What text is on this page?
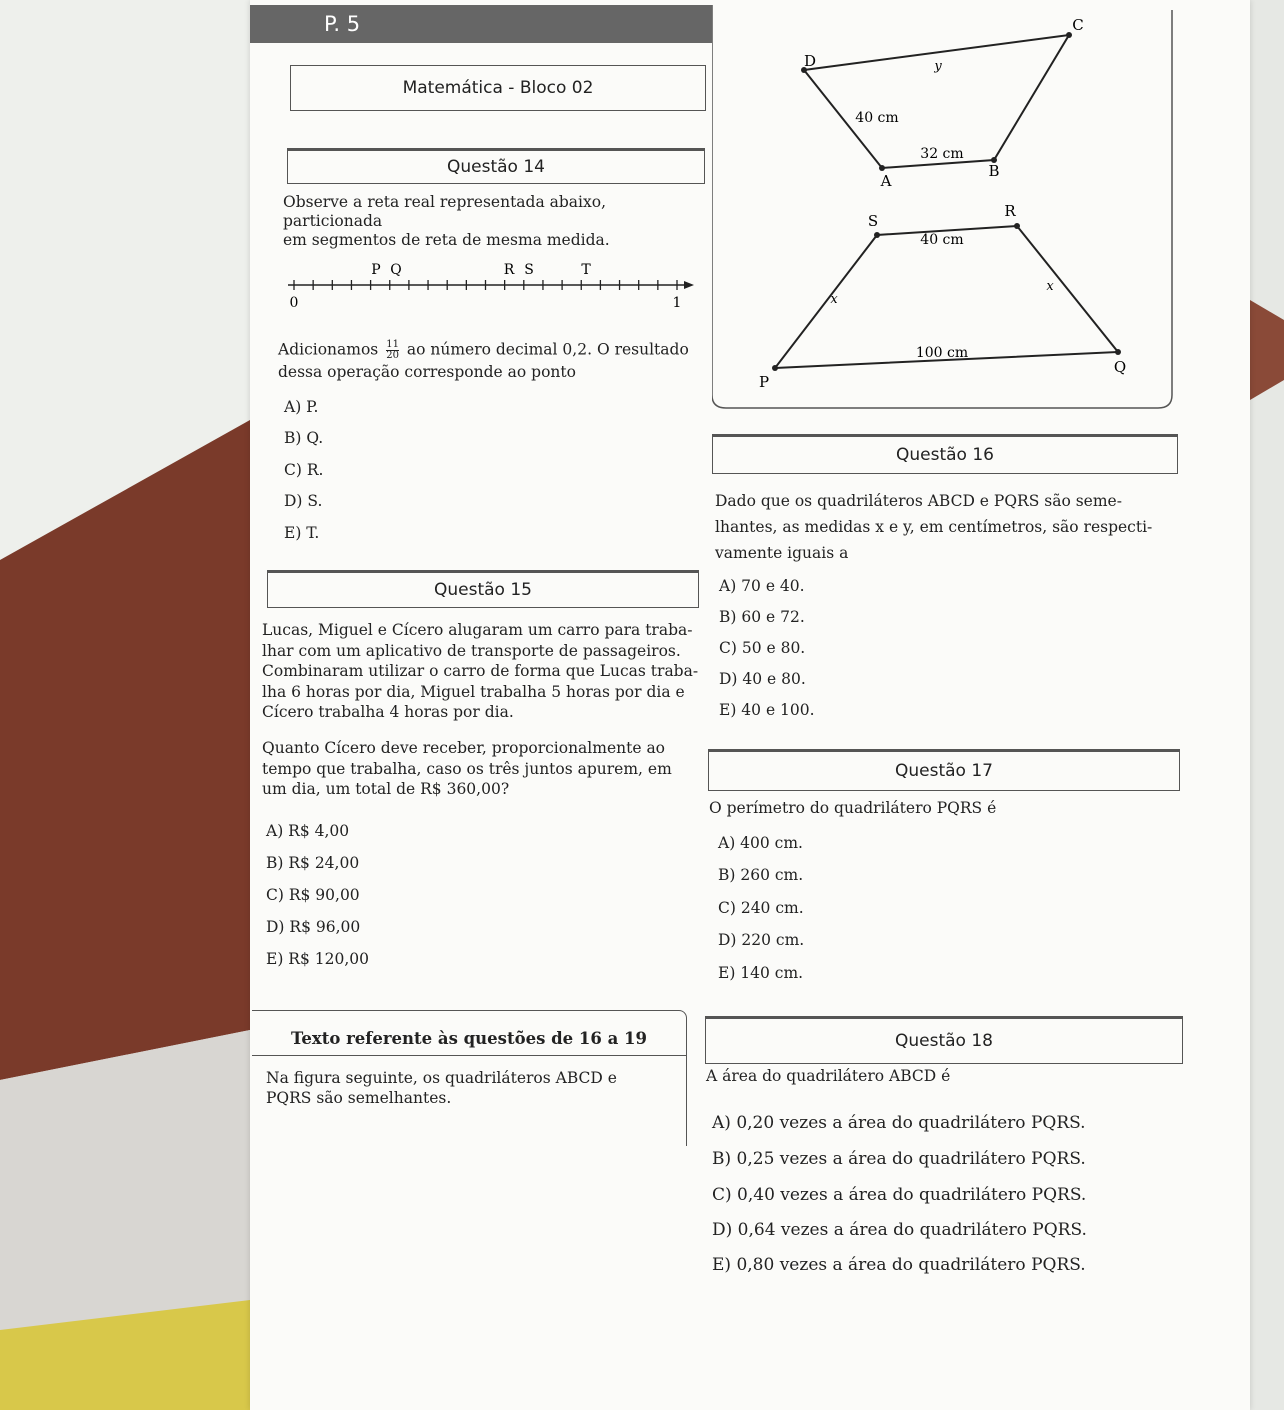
P. 5
Matemática - Bloco 02
Questão 14
Observe a reta real representada abaixo, particionada
em segmentos de reta de mesma medida.
0	1
P Q	R S	T
Adicionamos $\frac{11}{20}$ ao número decimal 0,2. O resultado
dessa operação corresponde ao ponto
A) P.
B) Q.
C) R.
D) S.
E) T.
D
C
B
A
y
40 cm
32 cm
P
Q
R
S
40 cm
x
x
100 cm
Questão 16
Dado que os quadriláteros ABCD e PQRS são seme-
lhantes, as medidas x e y, em centímetros, são respecti-
vamente iguais a
A) 70 e 40.
B) 60 e 72.
C) 50 e 80.
D) 40 e 80.
E) 40 e 100.
Questão 15
Lucas, Miguel e Cícero alugaram um carro para traba-
lhar com um aplicativo de transporte de passageiros.
Combinaram utilizar o carro de forma que Lucas traba-
lha 6 horas por dia, Miguel trabalha 5 horas por dia e
Cícero trabalha 4 horas por dia.
Quanto Cícero deve receber, proporcionalmente ao
tempo que trabalha, caso os três juntos apurem, em
um dia, um total de R$ 360,00?
A) R$ 4,00
B) R$ 24,00
C) R$ 90,00
D) R$ 96,00
E) R$ 120,00
Questão 17
O perímetro do quadrilátero PQRS é
A) 400 cm.
B) 260 cm.
C) 240 cm.
D) 220 cm.
E) 140 cm.
Texto referente às questões de 16 a 19
Na figura seguinte, os quadriláteros ABCD e
PQRS são semelhantes.
Questão 18
A área do quadrilátero ABCD é
A) 0,20 vezes a área do quadrilátero PQRS.
B) 0,25 vezes a área do quadrilátero PQRS.
C) 0,40 vezes a área do quadrilátero PQRS.
D) 0,64 vezes a área do quadrilátero PQRS.
E) 0,80 vezes a área do quadrilátero PQRS.
